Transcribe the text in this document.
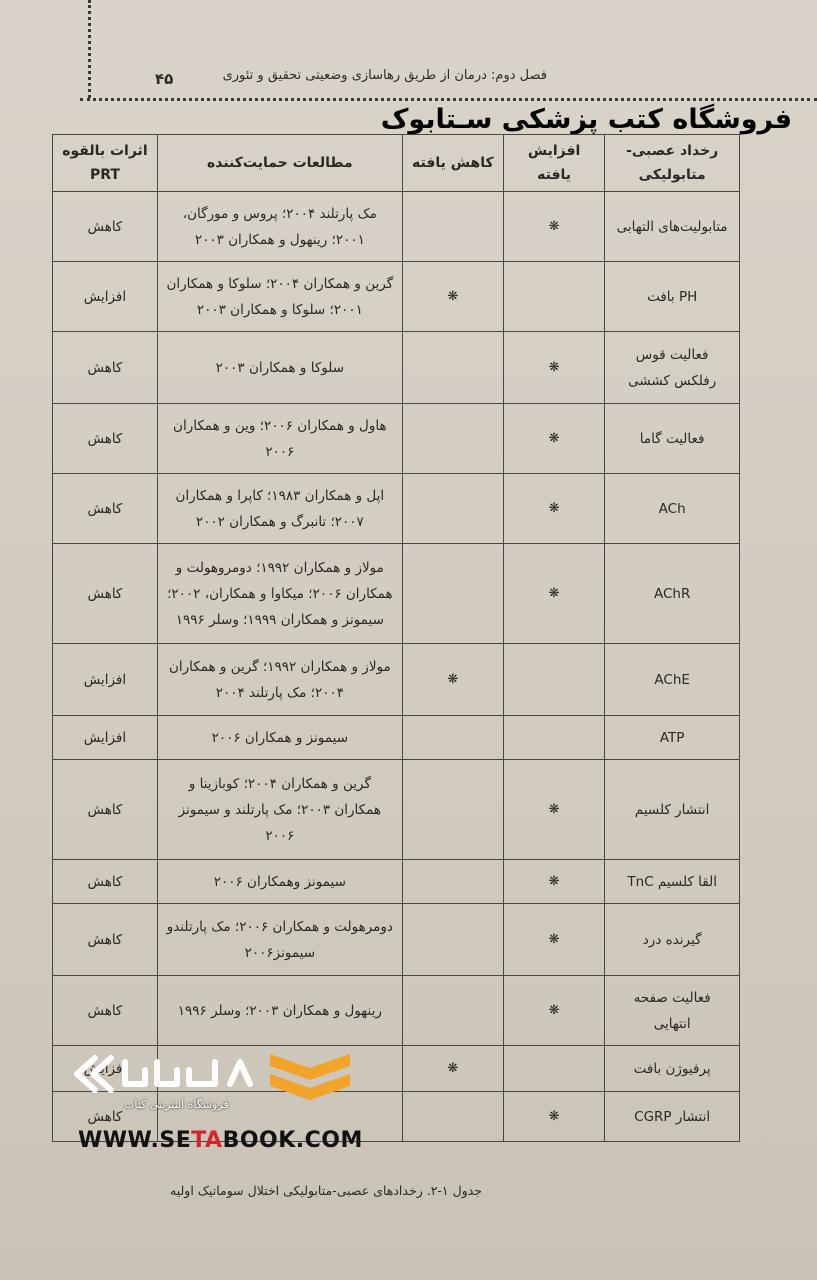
فصل دوم: درمان از طریق رهاسازی وضعیتی تحقیق و تئوری
۴۵
فروشگاه کتب پزشکی سـتابوک
رخداد عصبی-
متابولیکی	افزایش یافته	کاهش یافته	مطالعات حمایت‌کننده	اثرات بالقوه
PRT
متابولیت‌های التهابی	❋		مک پارتلند ۲۰۰۴؛ پروس و مورگان، ۲۰۰۱؛ رینهول و همکاران ۲۰۰۳	کاهش
PH بافت		❋	گرین و همکاران ۲۰۰۴؛ سلوکا و همکاران ۲۰۰۱؛ سلوکا و همکاران ۲۰۰۳	افزایش
فعالیت قوس رفلکس کششی	❋		سلوکا و همکاران ۲۰۰۳	کاهش
فعالیت گاما	❋		هاول و همکاران ۲۰۰۶؛ وین و همکاران ۲۰۰۶	کاهش
ACh	❋		اپل و همکاران ۱۹۸۳؛ کاپرا و همکاران ۲۰۰۷؛ تانبرگ و همکاران ۲۰۰۲	کاهش
AChR	❋		مولاز و همکاران ۱۹۹۲؛ دومروهولت و همکاران ۲۰۰۶؛ میکاوا و همکاران، ۲۰۰۲؛ سیمونز و همکاران ۱۹۹۹؛ وسلر ۱۹۹۶	کاهش
AChE		❋	مولاز و همکاران ۱۹۹۲؛ گرین و همکاران ۲۰۰۴؛ مک پارتلند ۲۰۰۴	افزایش
ATP			سیمونز و همکاران ۲۰۰۶	افزایش
انتشار کلسیم	❋		گرین و همکاران ۲۰۰۴؛ کوبازینا و همکاران ۲۰۰۳؛ مک پارتلند و سیمونز ۲۰۰۶	کاهش
القا کلسیم TnC	❋		سیمونز وهمکاران ۲۰۰۶	کاهش
گیرنده درد	❋		دومرهولت و همکاران ۲۰۰۶؛ مک پارتلندو سیمونز۲۰۰۶	کاهش
فعالیت صفحه انتهایی	❋		رینهول و همکاران ۲۰۰۳؛ وسلر ۱۹۹۶	کاهش
پرفیوژن بافت		❋		افزایش
انتشار CGRP	❋			کاهش
فروشگاه اینترنتی کتاب
WWW.SETABOOK.COM
جدول ۱-۲. رخدادهای عصبی-متابولیکی اختلال سوماتیک اولیه
